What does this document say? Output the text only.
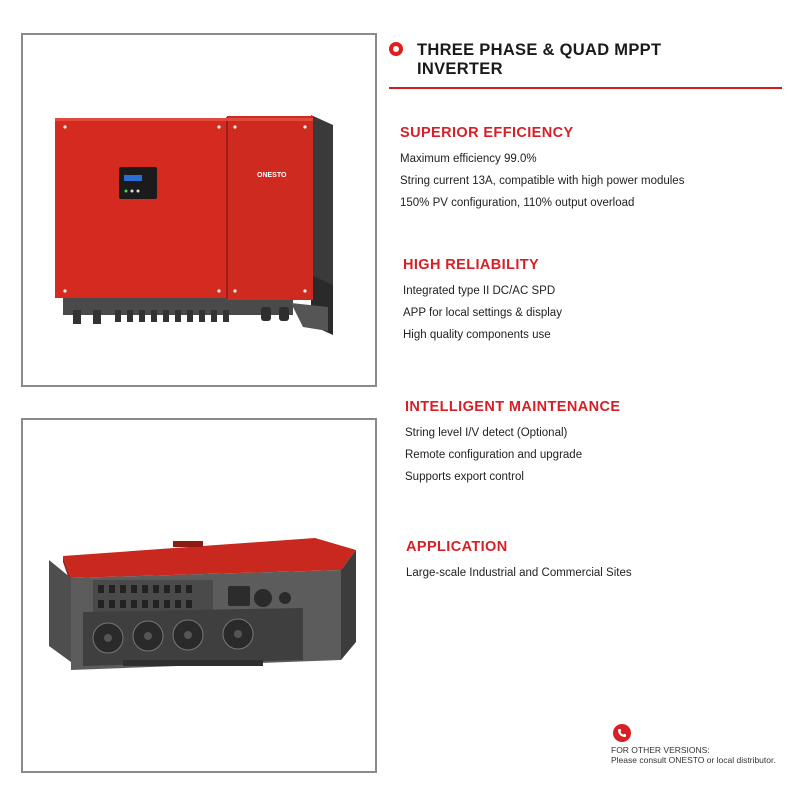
ONESTO
THREE PHASE & QUAD MPPT
INVERTER
SUPERIOR EFFICIENCY
Maximum efficiency 99.0%
String current 13A, compatible with high power modules
150% PV configuration, 110% output overload
HIGH RELIABILITY
Integrated type II DC/AC SPD
APP for local settings & display
High quality components use
INTELLIGENT MAINTENANCE
String level I/V detect (Optional)
Remote configuration and upgrade
Supports export control
APPLICATION
Large-scale Industrial and Commercial Sites
FOR OTHER VERSIONS:
Please consult ONESTO or local distributor.
